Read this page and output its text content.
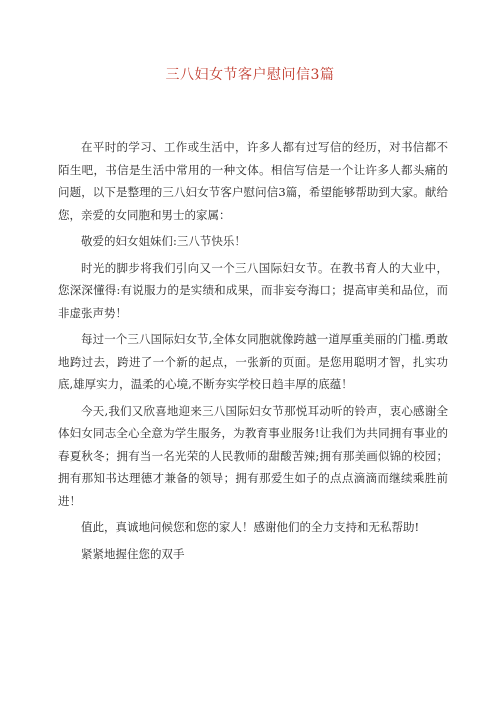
三八妇女节客户慰问信3篇

在平时的学习、工作或生活中，许多人都有过写信的经历，对书信都不陌生吧，书信是生活中常用的一种文体。相信写信是一个让许多人都头痛的问题，以下是整理的三八妇女节客户慰问信3篇，希望能够帮助到大家。献给您，亲爱的女同胞和男士的家属：

敬爱的妇女姐妹们:三八节快乐！

时光的脚步将我们引向又一个三八国际妇女节。在教书育人的大业中，您深深懂得:有说服力的是实绩和成果，而非妄夸海口；提高审美和品位，而非虚张声势！

每过一个三八国际妇女节,全体女同胞就像跨越一道厚重美丽的门槛.勇敢地跨过去，跨进了一个新的起点，一张新的页面。是您用聪明才智，扎实功底,雄厚实力，温柔的心境,不断夯实学校日趋丰厚的底蕴！

今天,我们又欣喜地迎来三八国际妇女节那悦耳动听的铃声，衷心感谢全体妇女同志全心全意为学生服务，为教育事业服务!让我们为共同拥有事业的春夏秋冬；拥有当一名光荣的人民教师的甜酸苦辣;拥有那美画似锦的校园；拥有那知书达理德才兼备的领导；拥有那爱生如子的点点滴滴而继续乘胜前进！

值此，真诚地问候您和您的家人！感谢他们的全力支持和无私帮助!

紧紧地握住您的双手
